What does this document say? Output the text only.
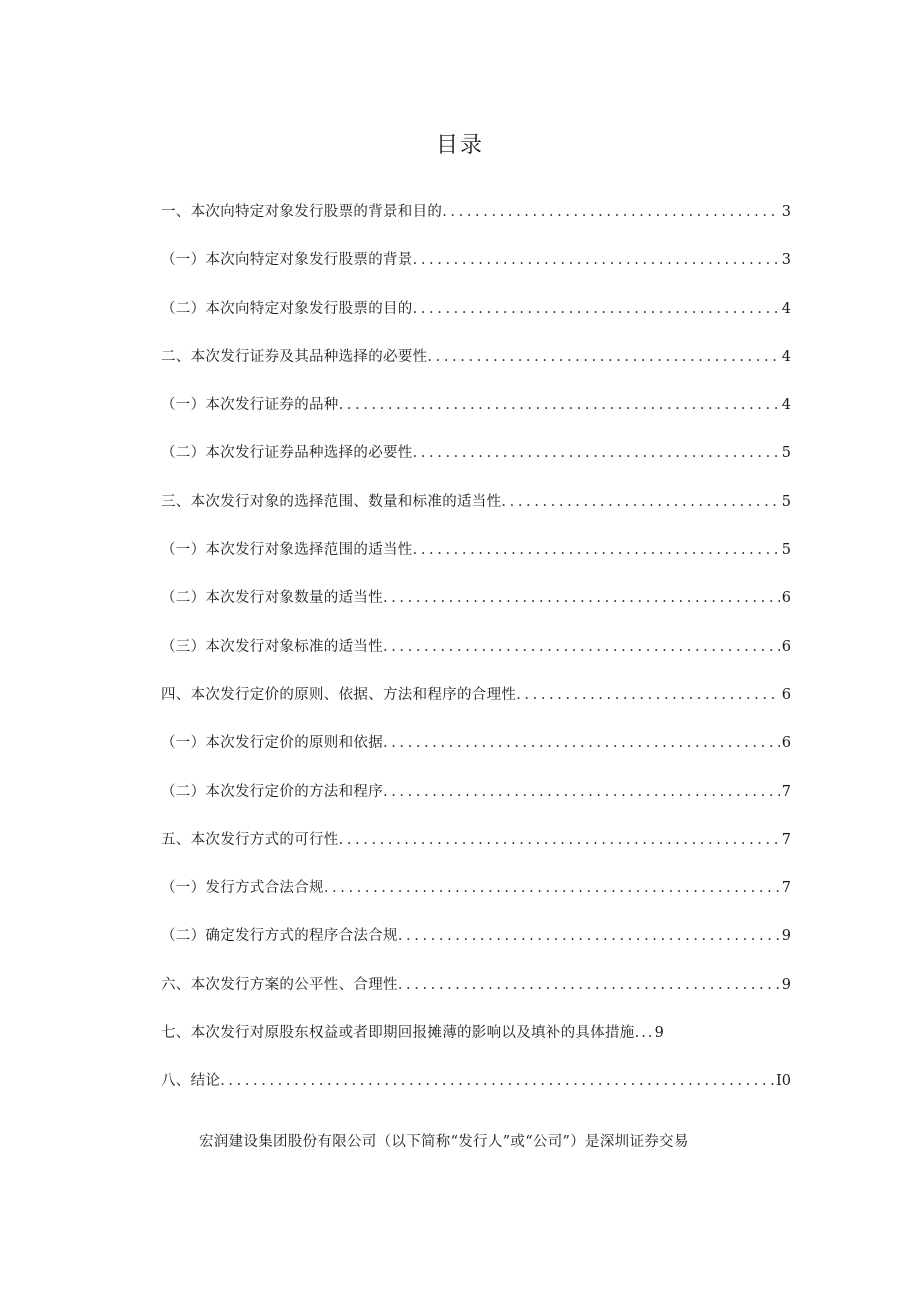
目录
一、本次向特定对象发行股票的背景和目的 .....	3
（一）本次向特定对象发行股票的背景 .....	3
（二）本次向特定对象发行股票的目的 .....	4
二、本次发行证券及其品种选择的必要性 .....	4
（一）本次发行证券的品种 .....	4
（二）本次发行证券品种选择的必要性 .....	5
三、本次发行对象的选择范围、数量和标准的适当性 .....	5
（一）本次发行对象选择范围的适当性 .....	5
（二）本次发行对象数量的适当性 .....	6
（三）本次发行对象标准的适当性 .....	6
四、本次发行定价的原则、依据、方法和程序的合理性 .....	6
（一）本次发行定价的原则和依据 .....	6
（二）本次发行定价的方法和程序 .....	7
五、本次发行方式的可行性 .....	7
（一）发行方式合法合规 .....	7
（二）确定发行方式的程序合法合规 .....	9
六、本次发行方案的公平性、合理性 .....	9
七、本次发行对原股东权益或者即期回报摊薄的影响以及填补的具体措施 ..... 9
八、结论 .....	I0
宏润建设集团股份有限公司（以下简称“发行人”或“公司”）是深圳证券交易
